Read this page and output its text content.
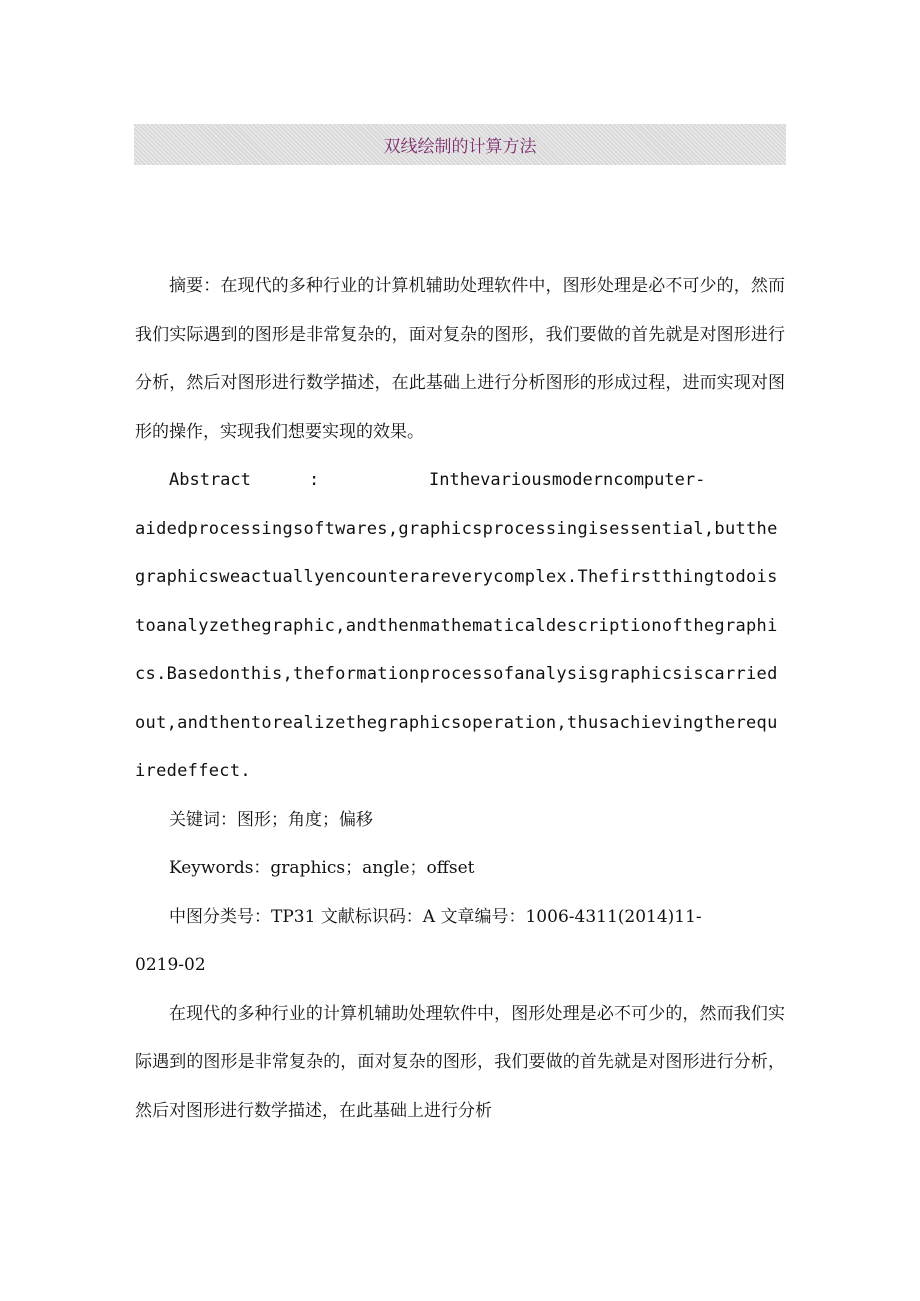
双线绘制的计算方法

摘要：在现代的多种行业的计算机辅助处理软件中，图形处理是必不可少的，然而我们实际遇到的图形是非常复杂的，面对复杂的图形，我们要做的首先就是对图形进行分析，然后对图形进行数学描述，在此基础上进行分析图形的形成过程，进而实现对图形的操作，实现我们想要实现的效果。

Abstract	:	Inthevariousmoderncomputer-

aidedprocessingsoftwares,graphicsprocessingisessential,butthegraphicsweactuallyencounterareverycomplex.Thefirstthingtodoistoanalyzethegraphic,andthenmathematicaldescriptionofthegraphics.Basedonthis,theformationprocessofanalysisgraphicsiscarriedout,andthentorealizethegraphicsoperation,thusachievingtherequiredeffect.

关键词：图形；角度；偏移

Keywords：graphics；angle；offset

中图分类号：TP31 文献标识码：A 文章编号：1006-4311(2014)11-

0219-02

在现代的多种行业的计算机辅助处理软件中，图形处理是必不可少的，然而我们实际遇到的图形是非常复杂的，面对复杂的图形，我们要做的首先就是对图形进行分析，然后对图形进行数学描述，在此基础上进行分析
